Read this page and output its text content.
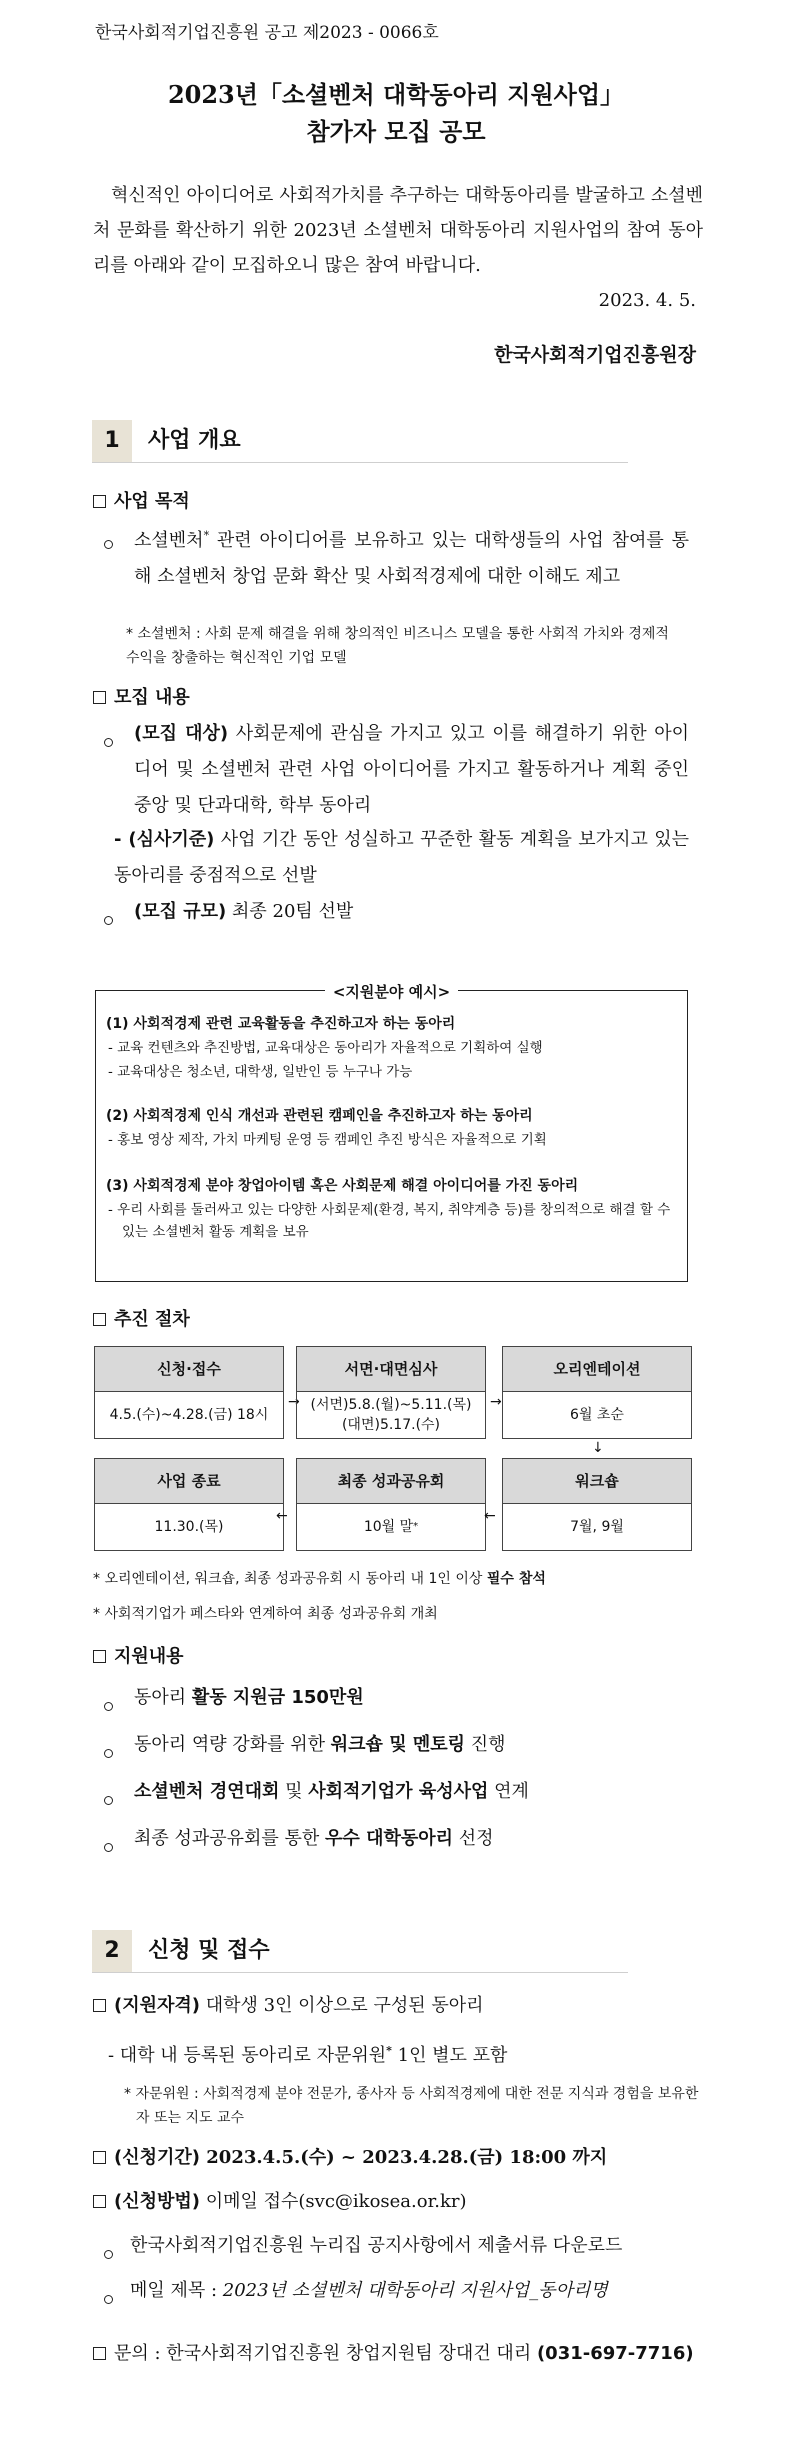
한국사회적기업진흥원 공고 제2023 - 0066호
2023년「소셜벤처 대학동아리 지원사업」
참가자 모집 공모
혁신적인 아이디어로 사회적가치를 추구하는 대학동아리를 발굴하고 소셜벤처 문화를 확산하기 위한 2023년 소셜벤처 대학동아리 지원사업의 참여 동아리를 아래와 같이 모집하오니 많은 참여 바랍니다.
2023. 4. 5.
한국사회적기업진흥원장
1	사업 개요
사업 목적
소셜벤처* 관련 아이디어를 보유하고 있는 대학생들의 사업 참여를 통해 소셜벤처 창업 문화 확산 및 사회적경제에 대한 이해도 제고
* 소셜벤처 : 사회 문제 해결을 위해 창의적인 비즈니스 모델을 통한 사회적 가치와 경제적 수익을 창출하는 혁신적인 기업 모델
모집 내용
(모집 대상) 사회문제에 관심을 가지고 있고 이를 해결하기 위한 아이디어 및 소셜벤처 관련 사업 아이디어를 가지고 활동하거나 계획 중인 중앙 및 단과대학, 학부 동아리
- (심사기준) 사업 기간 동안 성실하고 꾸준한 활동 계획을 보가지고 있는 동아리를 중점적으로 선발
(모집 규모) 최종 20팀 선발
<지원분야 예시>
(1) 사회적경제 관련 교육활동을 추진하고자 하는 동아리
- 교육 컨텐츠와 추진방법, 교육대상은 동아리가 자율적으로 기획하여 실행
- 교육대상은 청소년, 대학생, 일반인 등 누구나 가능
(2) 사회적경제 인식 개선과 관련된 캠페인을 추진하고자 하는 동아리
- 홍보 영상 제작, 가치 마케팅 운영 등 캠페인 추진 방식은 자율적으로 기획
(3) 사회적경제 분야 창업아이템 혹은 사회문제 해결 아이디어를 가진 동아리
- 우리 사회를 둘러싸고 있는 다양한 사회문제(환경, 복지, 취약계층 등)를 창의적으로 해결 할 수 있는 소셜벤처 활동 계획을 보유
추진 절차
신청·접수
4.5.(수)~4.28.(금) 18시
→
서면·대면심사
(서면)5.8.(월)~5.11.(목)
(대면)5.17.(수)
→
오리엔테이션
6월 초순
↓
사업 종료
11.30.(목)
←
최종 성과공유회
10월 말 *
←
워크숍
7월, 9월
* 오리엔테이션, 워크숍, 최종 성과공유회 시 동아리 내 1인 이상 필수 참석
* 사회적기업가 페스타와 연계하여 최종 성과공유회 개최
지원내용
동아리 활동 지원금 150만원
동아리 역량 강화를 위한 워크숍 및 멘토링 진행
소셜벤처 경연대회 및 사회적기업가 육성사업 연계
최종 성과공유회를 통한 우수 대학동아리 선정
2	신청 및 접수
(지원자격) 대학생 3인 이상으로 구성된 동아리
- 대학 내 등록된 동아리로 자문위원* 1인 별도 포함
* 자문위원 : 사회적경제 분야 전문가, 종사자 등 사회적경제에 대한 전문 지식과 경험을 보유한 자 또는 지도 교수
(신청기간) 2023.4.5.(수) ~ 2023.4.28.(금) 18:00 까지
(신청방법) 이메일 접수(svc@ikosea.or.kr)
한국사회적기업진흥원 누리집 공지사항에서 제출서류 다운로드
메일 제목 : 2023년 소셜벤처 대학동아리 지원사업_동아리명
문의 : 한국사회적기업진흥원 창업지원팀 장대건 대리 (031-697-7716)
